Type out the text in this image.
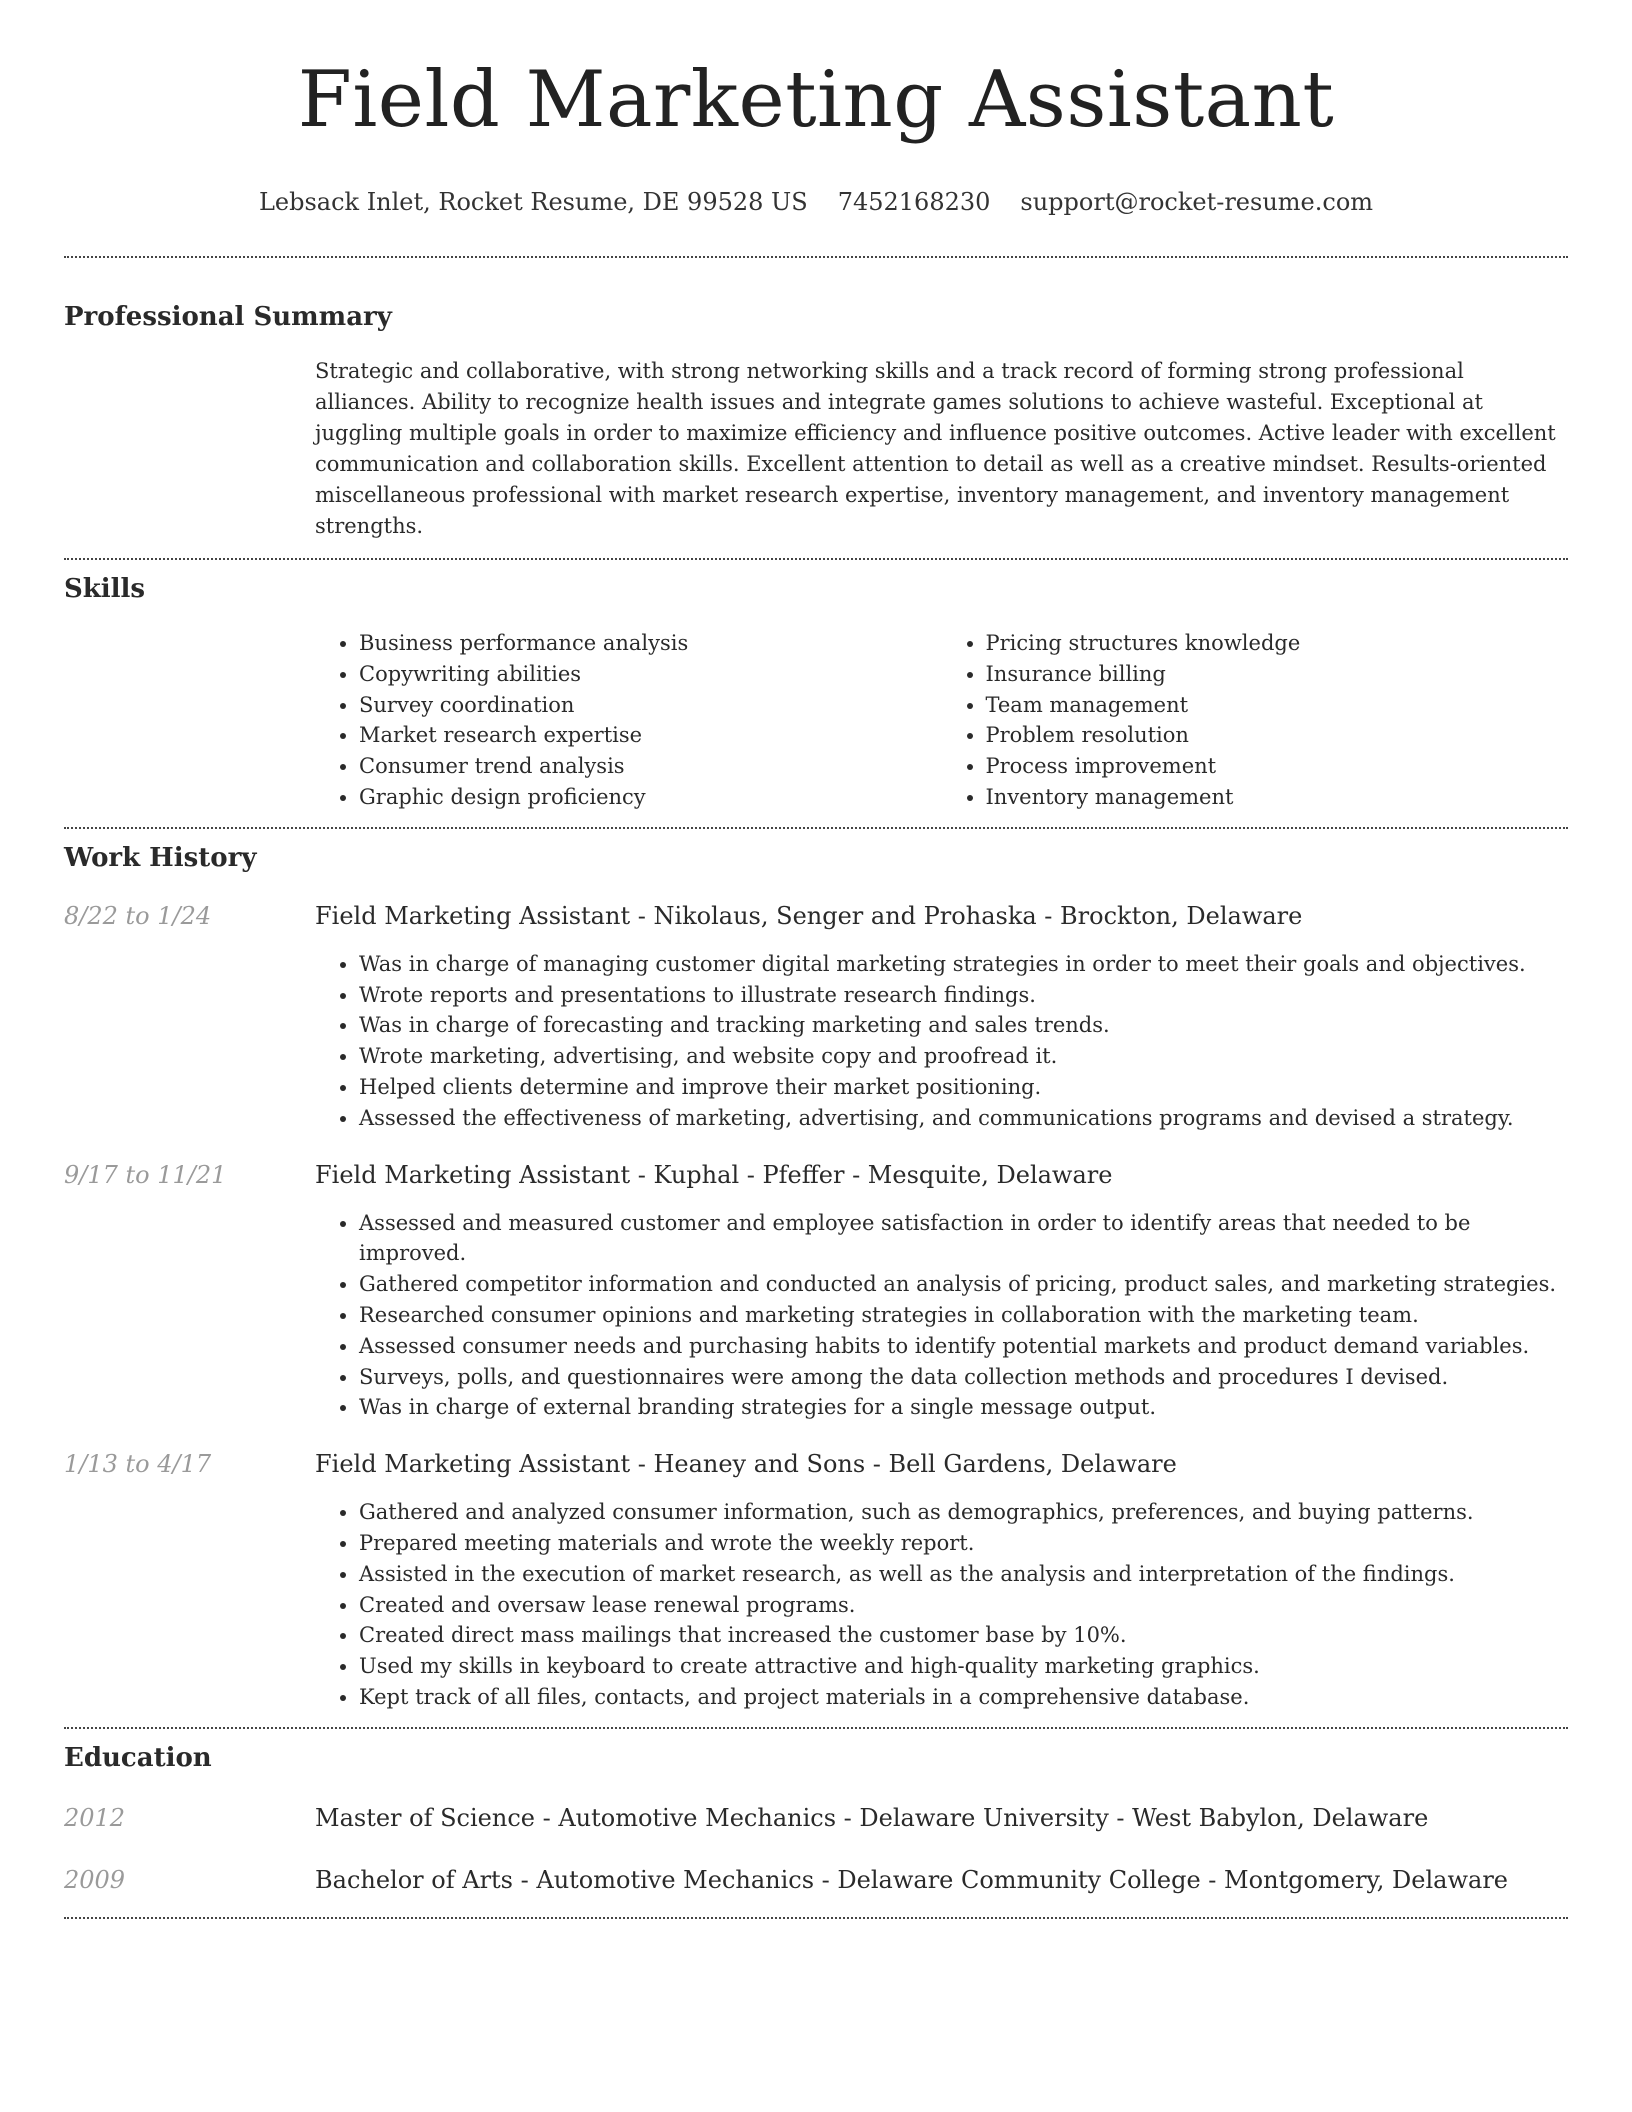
Field Marketing Assistant
Lebsack Inlet, Rocket Resume, DE 99528 US 7452168230 support@rocket-resume.com
Professional Summary
Strategic and collaborative, with strong networking skills and a track record of forming strong professional alliances. Ability to recognize health issues and integrate games solutions to achieve wasteful. Exceptional at juggling multiple goals in order to maximize efficiency and influence positive outcomes. Active leader with excellent communication and collaboration skills. Excellent attention to detail as well as a creative mindset. Results-oriented miscellaneous professional with market research expertise, inventory management, and inventory management strengths.
Skills
• Business performance analysis
• Copywriting abilities
• Survey coordination
• Market research expertise
• Consumer trend analysis
• Graphic design proficiency
• Pricing structures knowledge
• Insurance billing
• Team management
• Problem resolution
• Process improvement
• Inventory management
Work History
8/22 to 1/24	Field Marketing Assistant - Nikolaus, Senger and Prohaska - Brockton, Delaware
• Was in charge of managing customer digital marketing strategies in order to meet their goals and objectives.
• Wrote reports and presentations to illustrate research findings.
• Was in charge of forecasting and tracking marketing and sales trends.
• Wrote marketing, advertising, and website copy and proofread it.
• Helped clients determine and improve their market positioning.
• Assessed the effectiveness of marketing, advertising, and communications programs and devised a strategy.
9/17 to 11/21	Field Marketing Assistant - Kuphal - Pfeffer - Mesquite, Delaware
• Assessed and measured customer and employee satisfaction in order to identify areas that needed to be improved.
• Gathered competitor information and conducted an analysis of pricing, product sales, and marketing strategies.
• Researched consumer opinions and marketing strategies in collaboration with the marketing team.
• Assessed consumer needs and purchasing habits to identify potential markets and product demand variables.
• Surveys, polls, and questionnaires were among the data collection methods and procedures I devised.
• Was in charge of external branding strategies for a single message output.
1/13 to 4/17	Field Marketing Assistant - Heaney and Sons - Bell Gardens, Delaware
• Gathered and analyzed consumer information, such as demographics, preferences, and buying patterns.
• Prepared meeting materials and wrote the weekly report.
• Assisted in the execution of market research, as well as the analysis and interpretation of the findings.
• Created and oversaw lease renewal programs.
• Created direct mass mailings that increased the customer base by 10%.
• Used my skills in keyboard to create attractive and high-quality marketing graphics.
• Kept track of all files, contacts, and project materials in a comprehensive database.
Education
2012	Master of Science - Automotive Mechanics - Delaware University - West Babylon, Delaware
2009	Bachelor of Arts - Automotive Mechanics - Delaware Community College - Montgomery, Delaware
